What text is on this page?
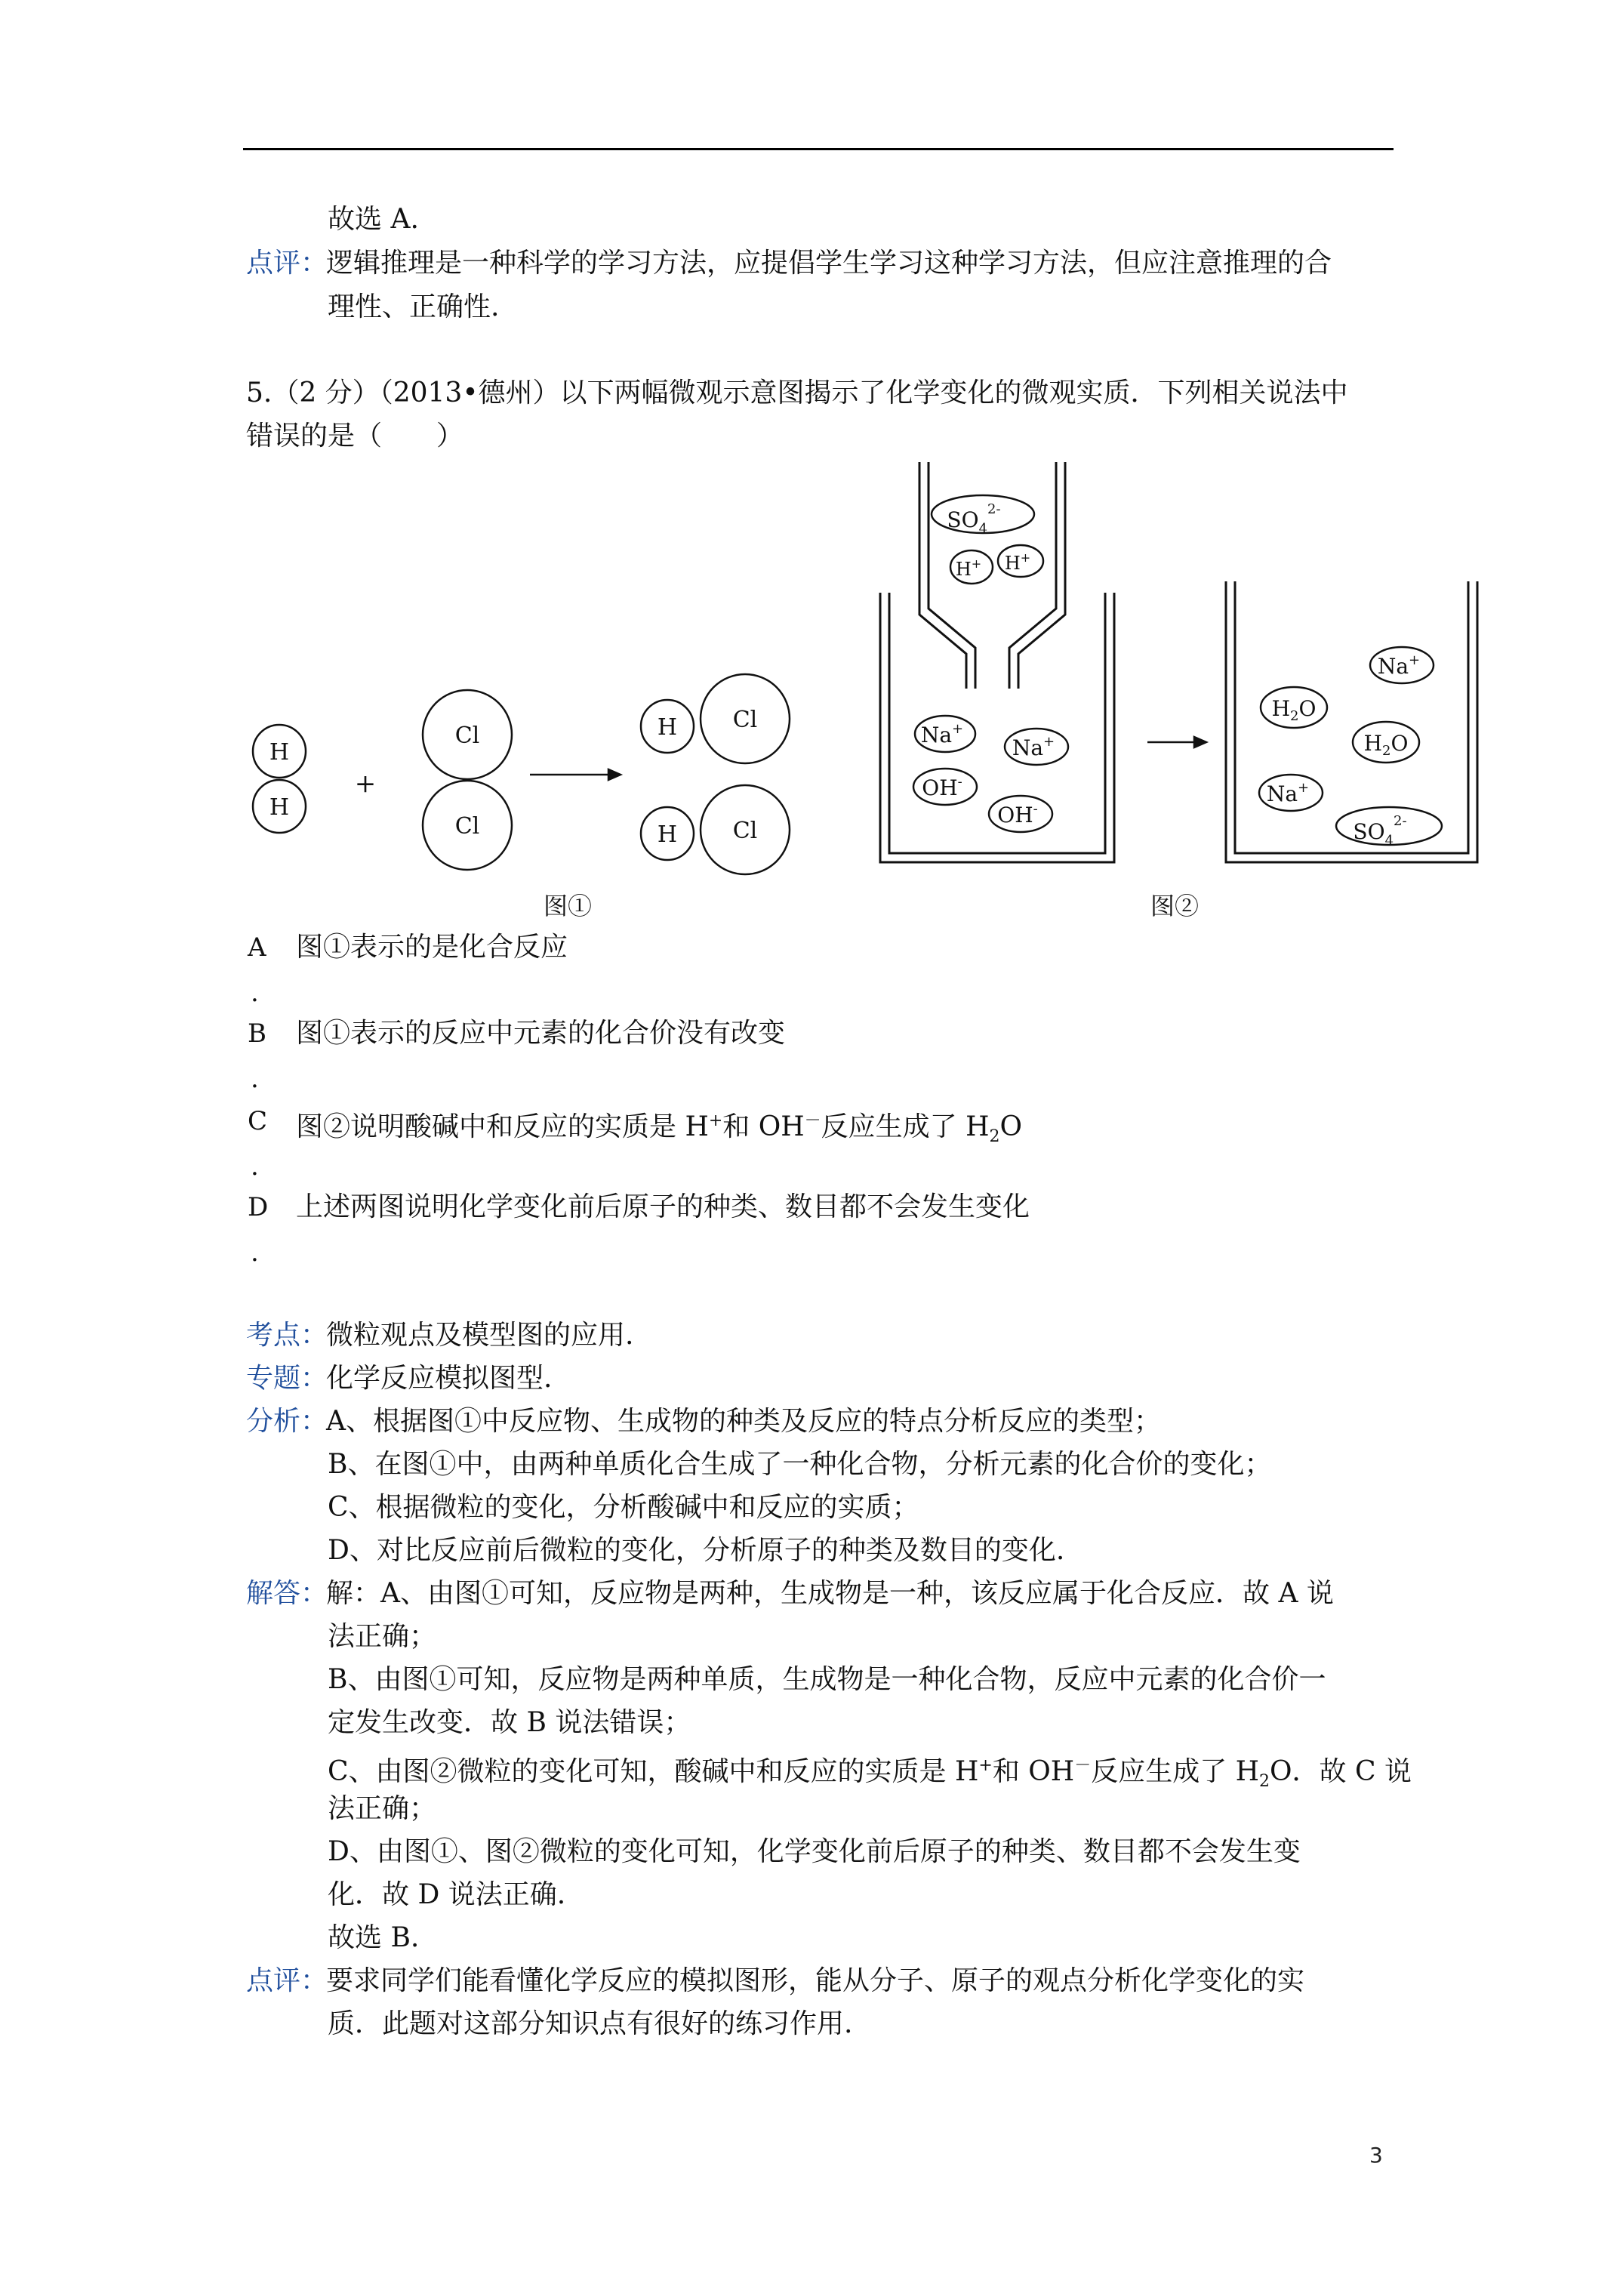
故选 A.
点评：
逻辑推理是一种科学的学习方法，应提倡学生学习这种学习方法，但应注意推理的合
理性、正确性.
5.（2 分）（2013•德州）以下两幅微观示意图揭示了化学变化的微观实质．下列相关说法中
错误的是（　　）
H
H
Cl
Cl
Cl
H
Cl
H
+
$SO_4^{2-}$
H+ H+
Na+
Na+
OH-
OH-
Na+
$H_2O$
$H_2O$
Na+
$SO_4^{2-}$
图①	图②
A 图①表示的是化合反应
.
B 图①表示的反应中元素的化合价没有改变
.
C 图②说明酸碱中和反应的实质是 H+和 OH－反应生成了 $H_2O$
.
D 上述两图说明化学变化前后原子的种类、数目都不会发生变化
.
考点：
微粒观点及模型图的应用.
专题：
化学反应模拟图型.
分析：
A、根据图①中反应物、生成物的种类及反应的特点分析反应的类型；
B、在图①中，由两种单质化合生成了一种化合物，分析元素的化合价的变化；
C、根据微粒的变化，分析酸碱中和反应的实质；
D、对比反应前后微粒的变化，分析原子的种类及数目的变化.
解答：
解：A、由图①可知，反应物是两种，生成物是一种，该反应属于化合反应．故 A 说
法正确；
B、由图①可知，反应物是两种单质，生成物是一种化合物，反应中元素的化合价一
定发生改变．故 B 说法错误；
C、由图②微粒的变化可知，酸碱中和反应的实质是 H+和 OH－反应生成了 $H_2O$．故 C 说
法正确；
D、由图①、图②微粒的变化可知，化学变化前后原子的种类、数目都不会发生变
化．故 D 说法正确.
故选 B.
点评：
要求同学们能看懂化学反应的模拟图形，能从分子、原子的观点分析化学变化的实
质．此题对这部分知识点有很好的练习作用.
3
